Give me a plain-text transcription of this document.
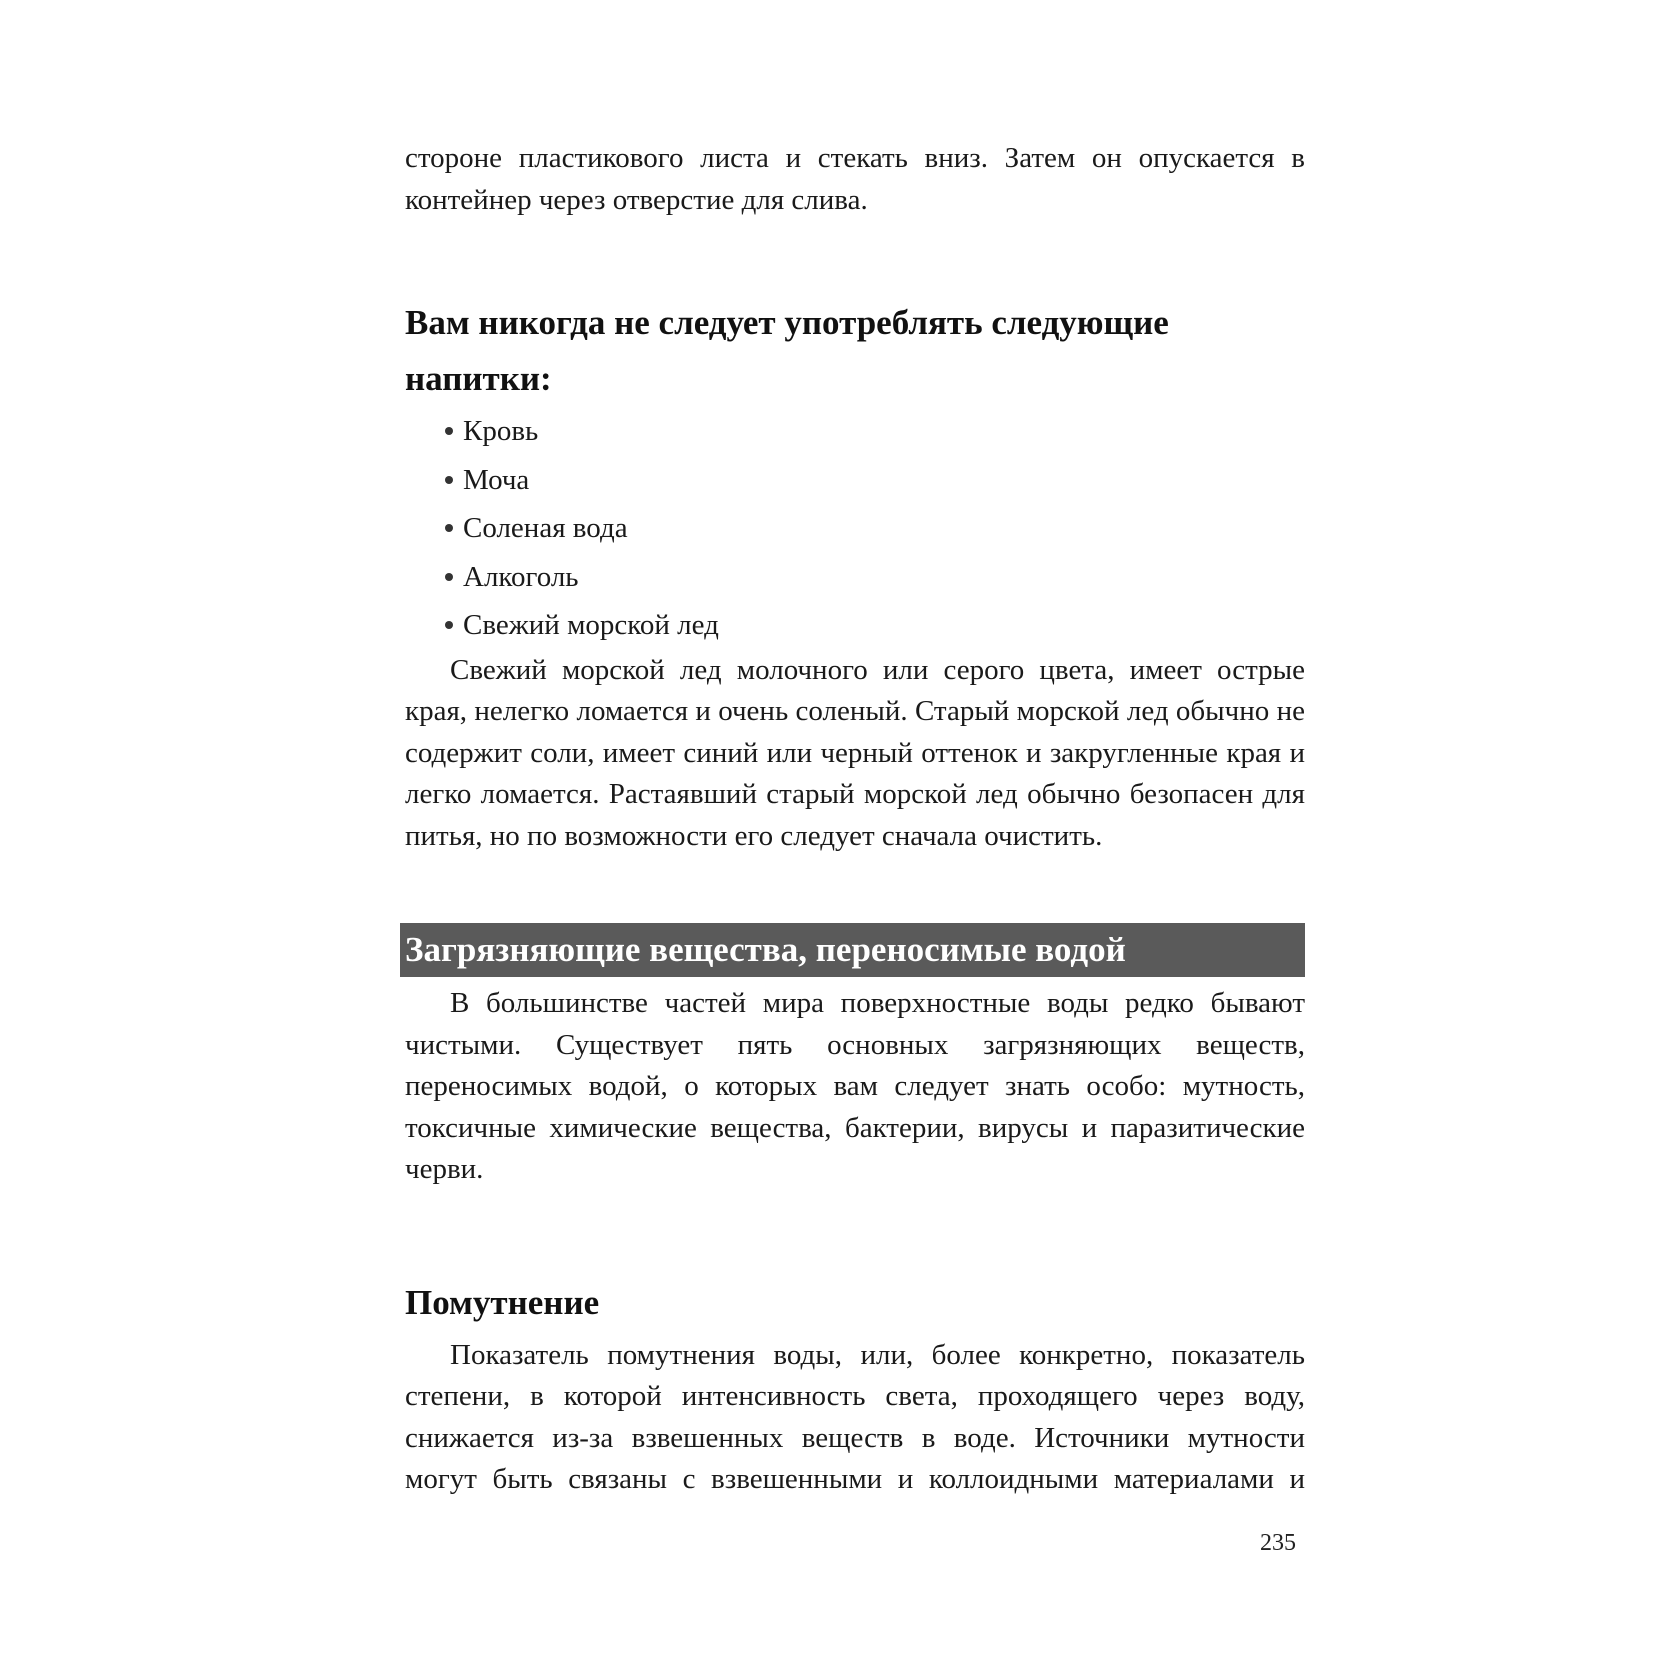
стороне пластикового листа и стекать вниз. Затем он опускается в контейнер через отверстие для слива.

Вам никогда не следует употреблять следующие напитки:
Кровь
Моча
Соленая вода
Алкоголь
Свежий морской лед

Свежий морской лед молочного или серого цвета, имеет острые края, нелегко ломается и очень соленый. Старый морской лед обычно не содержит соли, имеет синий или черный оттенок и закругленные края и легко ломается. Растаявший старый морской лед обычно безопасен для питья, но по возможности его следует сначала очистить.

Загрязняющие вещества, переносимые водой

В большинстве частей мира поверхностные воды редко бывают чистыми. Существует пять основных загрязняющих веществ, переносимых водой, о которых вам следует знать особо: мутность, токсичные химические вещества, бактерии, вирусы и паразитические черви.

Помутнение

Показатель помутнения воды, или, более конкретно, показатель степени, в которой интенсивность света, проходящего через воду, снижается из-за взвешенных веществ в воде. Источники мутности могут быть связаны с взвешенными и коллоидными материалами и

235
